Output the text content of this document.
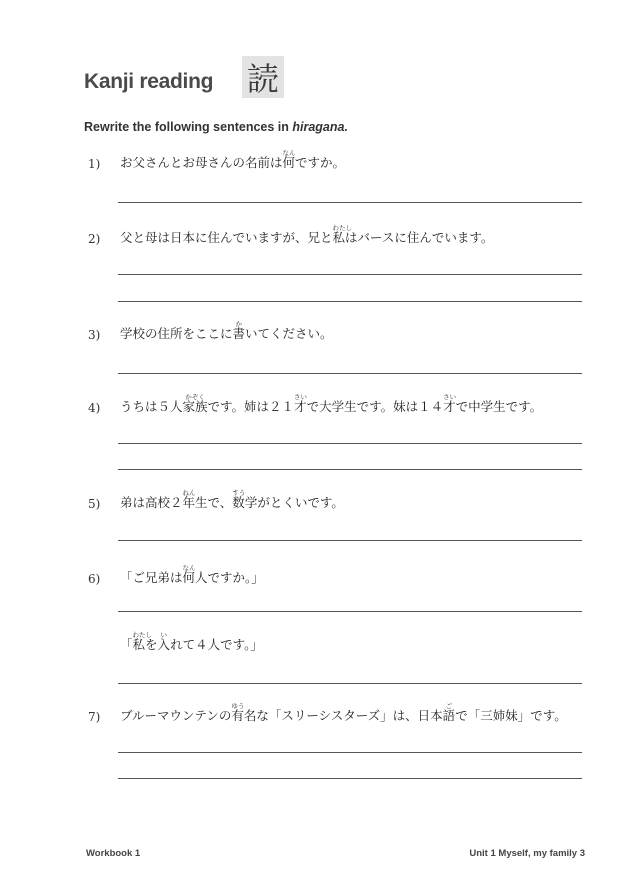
Kanji reading 読
Rewrite the following sentences in hiragana.
1) お父さんとお母さんの名前は
なん
何ですか。
2) 父と母は日本に住んでいますが、兄と
わたし
私はバースに住んでいます。
3) 学校の住所をここに
か
書いてください。
4) うちは５人
かぞく
家族です。姉は２１
さい
才で大学生です。妹は１４
さい
才で中学生です。
5) 弟は高校２
ねん
年生で、
すう
数学がとくいです。
6) 「ご兄弟は
なん
何人ですか。」
「
わたし
私を
い
入れて４人です。」
7) ブルーマウンテンの
ゆう
有名な「スリーシスターズ」は、日本
ご
語で「三姉妹」です。
Workbook 1	Unit 1 Myself, my family 3
